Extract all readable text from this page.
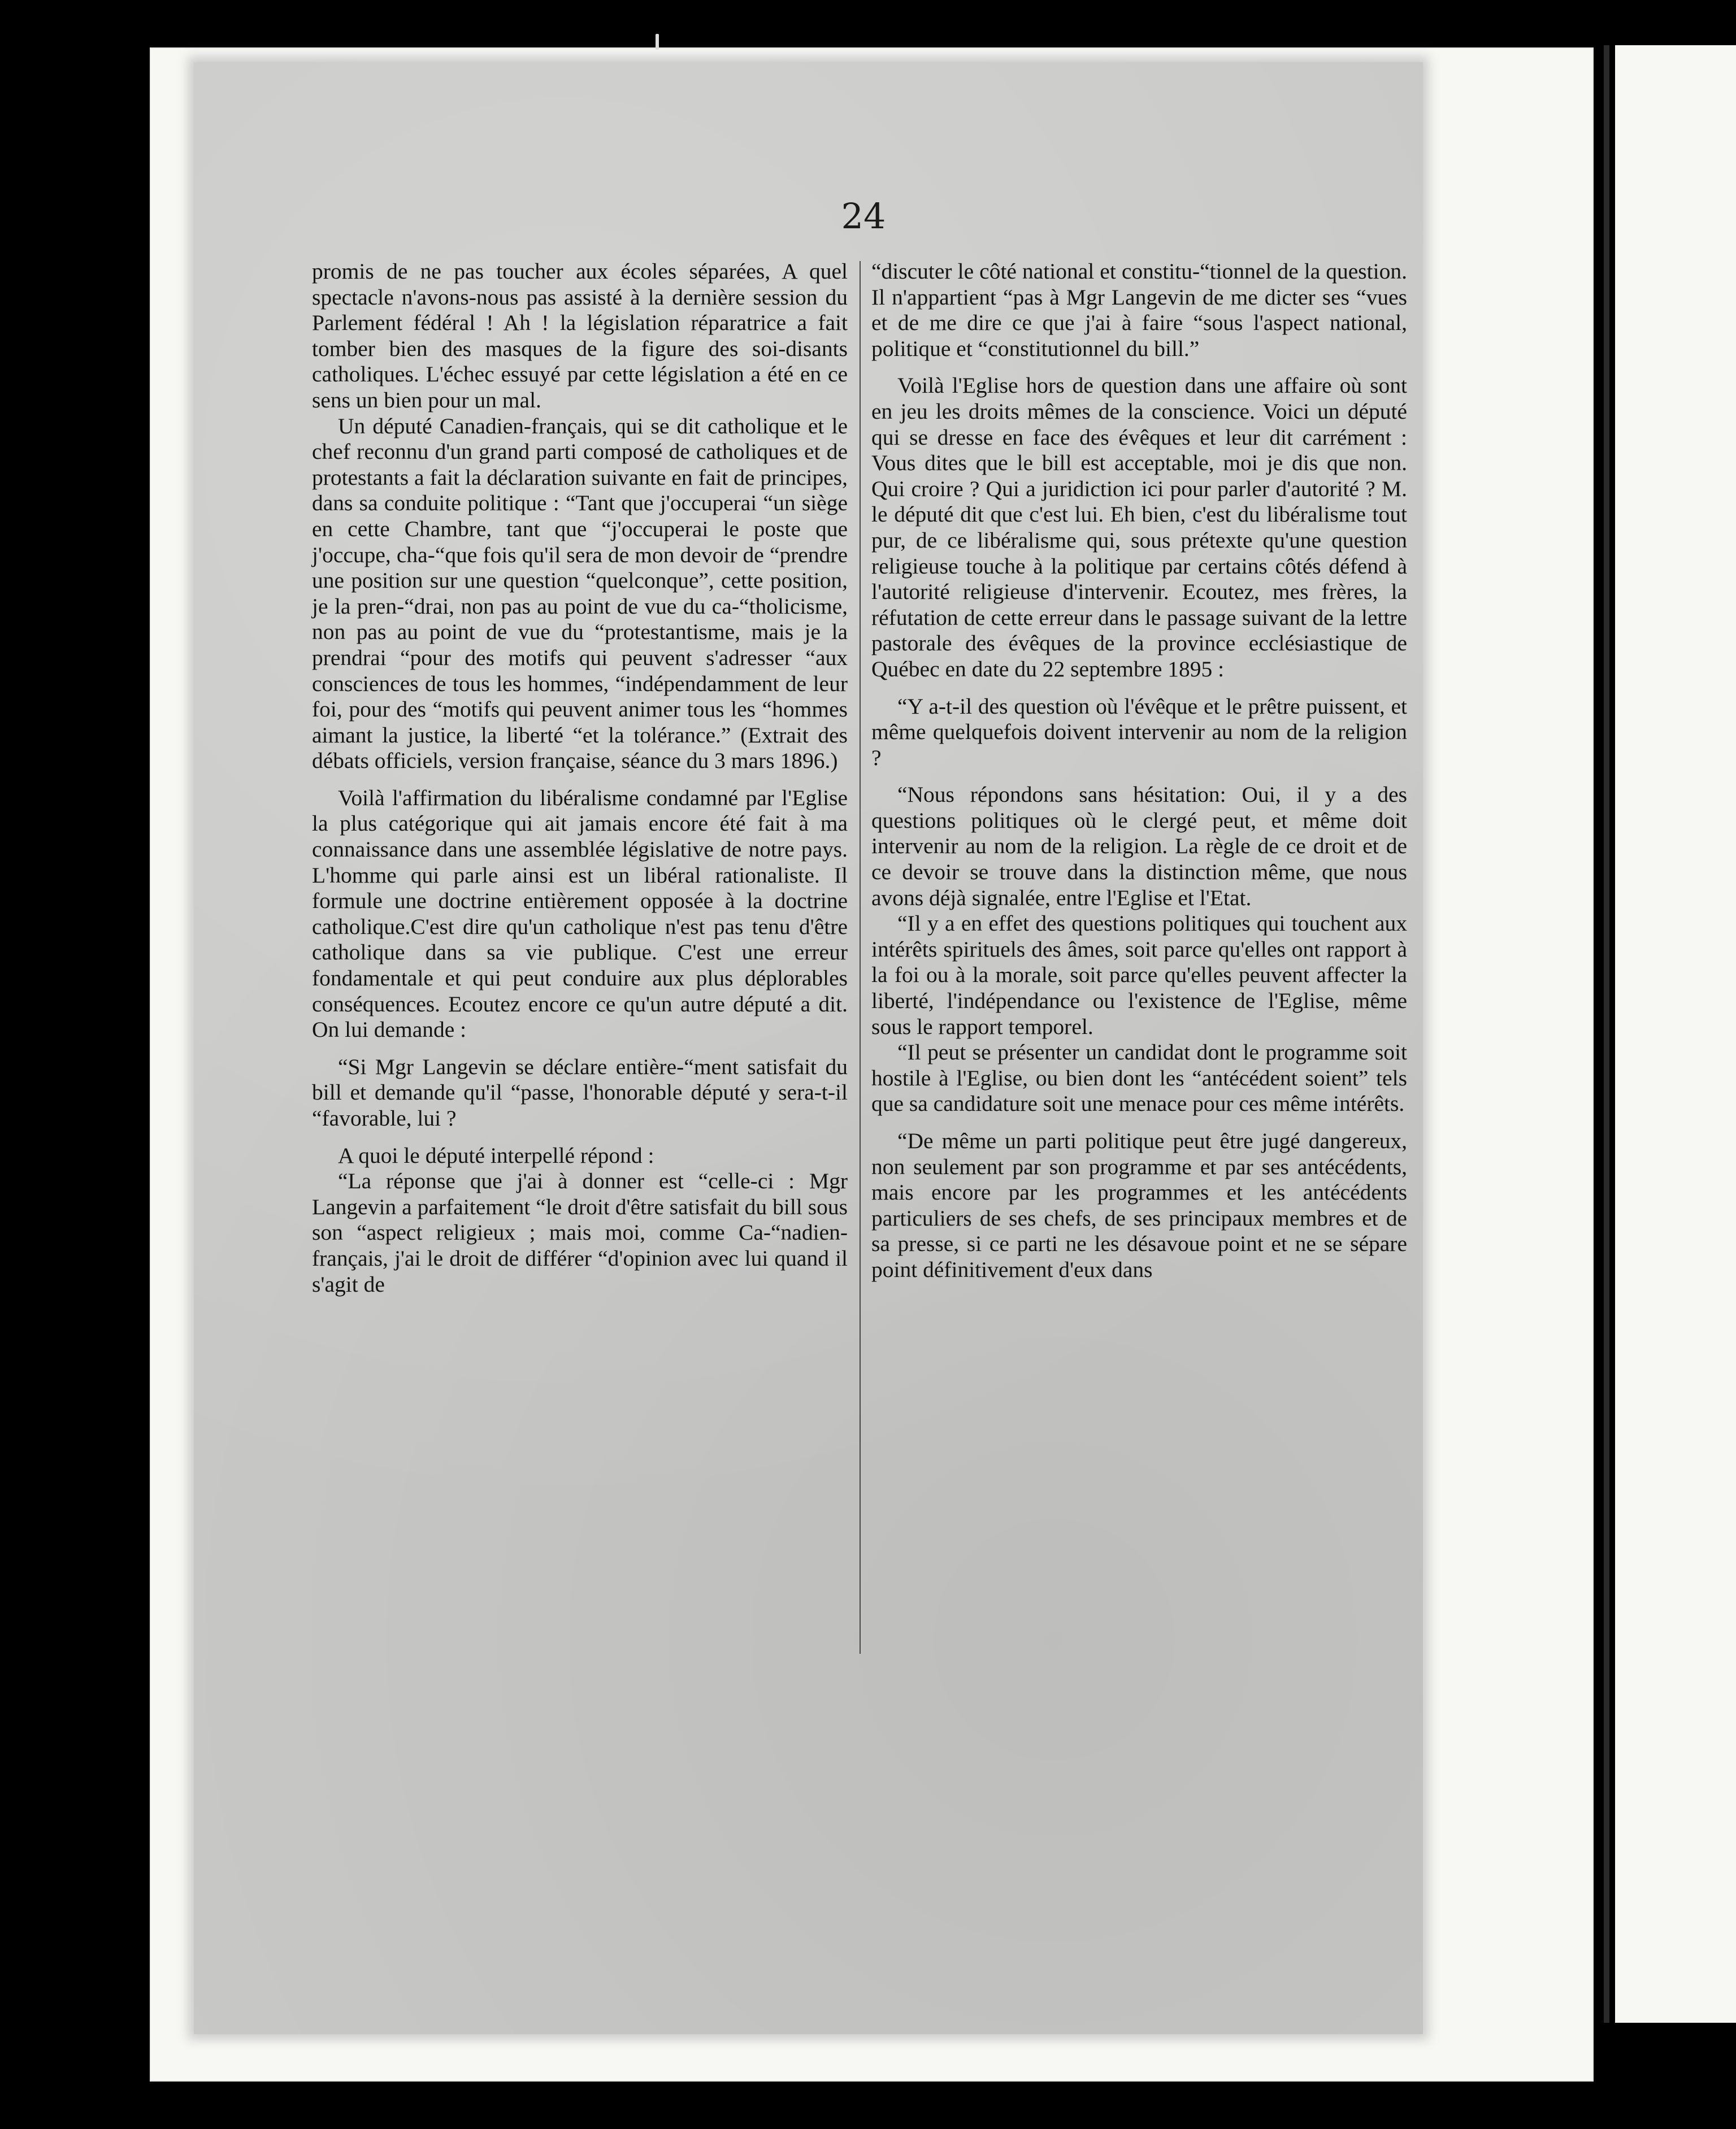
24

promis de ne pas toucher aux écoles séparées, A quel spectacle n'avons-nous pas assisté à la dernière session du Parlement fédéral ! Ah ! la législation réparatrice a fait tomber bien des masques de la figure des soi-disants catholiques. L'échec essuyé par cette législation a été en ce sens un bien pour un mal.

Un député Canadien-français, qui se dit catholique et le chef reconnu d'un grand parti composé de catholiques et de protestants a fait la déclaration suivante en fait de principes, dans sa conduite politique : “Tant que j'occuperai “un siège en cette Chambre, tant que “j'occuperai le poste que j'occupe, cha-“que fois qu'il sera de mon devoir de “prendre une position sur une question “quelconque”, cette position, je la pren-“drai, non pas au point de vue du ca-“tholicisme, non pas au point de vue du “protestantisme, mais je la prendrai “pour des motifs qui peuvent s'adresser “aux consciences de tous les hommes, “indépendamment de leur foi, pour des “motifs qui peuvent animer tous les “hommes aimant la justice, la liberté “et la tolérance.” (Extrait des débats officiels, version française, séance du 3 mars 1896.)

Voilà l'affirmation du libéralisme condamné par l'Eglise la plus catégorique qui ait jamais encore été fait à ma connaissance dans une assemblée législative de notre pays. L'homme qui parle ainsi est un libéral rationaliste. Il formule une doctrine entièrement opposée à la doctrine catholique.C'est dire qu'un catholique n'est pas tenu d'être catholique dans sa vie publique. C'est une erreur fondamentale et qui peut conduire aux plus déplorables conséquences. Ecoutez encore ce qu'un autre député a dit. On lui demande :

“Si Mgr Langevin se déclare entière-“ment satisfait du bill et demande qu'il “passe, l'honorable député y sera-t-il “favorable, lui ?

A quoi le député interpellé répond :

“La réponse que j'ai à donner est “celle-ci : Mgr Langevin a parfaitement “le droit d'être satisfait du bill sous son “aspect religieux ; mais moi, comme Ca-“nadien-français, j'ai le droit de différer “d'opinion avec lui quand il s'agit de

“discuter le côté national et constitu-“tionnel de la question. Il n'appartient “pas à Mgr Langevin de me dicter ses “vues et de me dire ce que j'ai à faire “sous l'aspect national, politique et “constitutionnel du bill.”

Voilà l'Eglise hors de question dans une affaire où sont en jeu les droits mêmes de la conscience. Voici un député qui se dresse en face des évêques et leur dit carrément : Vous dites que le bill est acceptable, moi je dis que non. Qui croire ? Qui a juridiction ici pour parler d'autorité ? M. le député dit que c'est lui. Eh bien, c'est du libéralisme tout pur, de ce libéralisme qui, sous prétexte qu'une question religieuse touche à la politique par certains côtés défend à l'autorité religieuse d'intervenir. Ecoutez, mes frères, la réfutation de cette erreur dans le passage suivant de la lettre pastorale des évêques de la province ecclésiastique de Québec en date du 22 septembre 1895 :

“Y a-t-il des question où l'évêque et le prêtre puissent, et même quelquefois doivent intervenir au nom de la religion ?

“Nous répondons sans hésitation: Oui, il y a des questions politiques où le clergé peut, et même doit intervenir au nom de la religion. La règle de ce droit et de ce devoir se trouve dans la distinction même, que nous avons déjà signalée, entre l'Eglise et l'Etat.

“Il y a en effet des questions politiques qui touchent aux intérêts spirituels des âmes, soit parce qu'elles ont rapport à la foi ou à la morale, soit parce qu'elles peuvent affecter la liberté, l'indépendance ou l'existence de l'Eglise, même sous le rapport temporel.

“Il peut se présenter un candidat dont le programme soit hostile à l'Eglise, ou bien dont les “antécédent soient” tels que sa candidature soit une menace pour ces même intérêts.

“De même un parti politique peut être jugé dangereux, non seulement par son programme et par ses antécédents, mais encore par les programmes et les antécédents particuliers de ses chefs, de ses principaux membres et de sa presse, si ce parti ne les désavoue point et ne se sépare point définitivement d'eux dans
